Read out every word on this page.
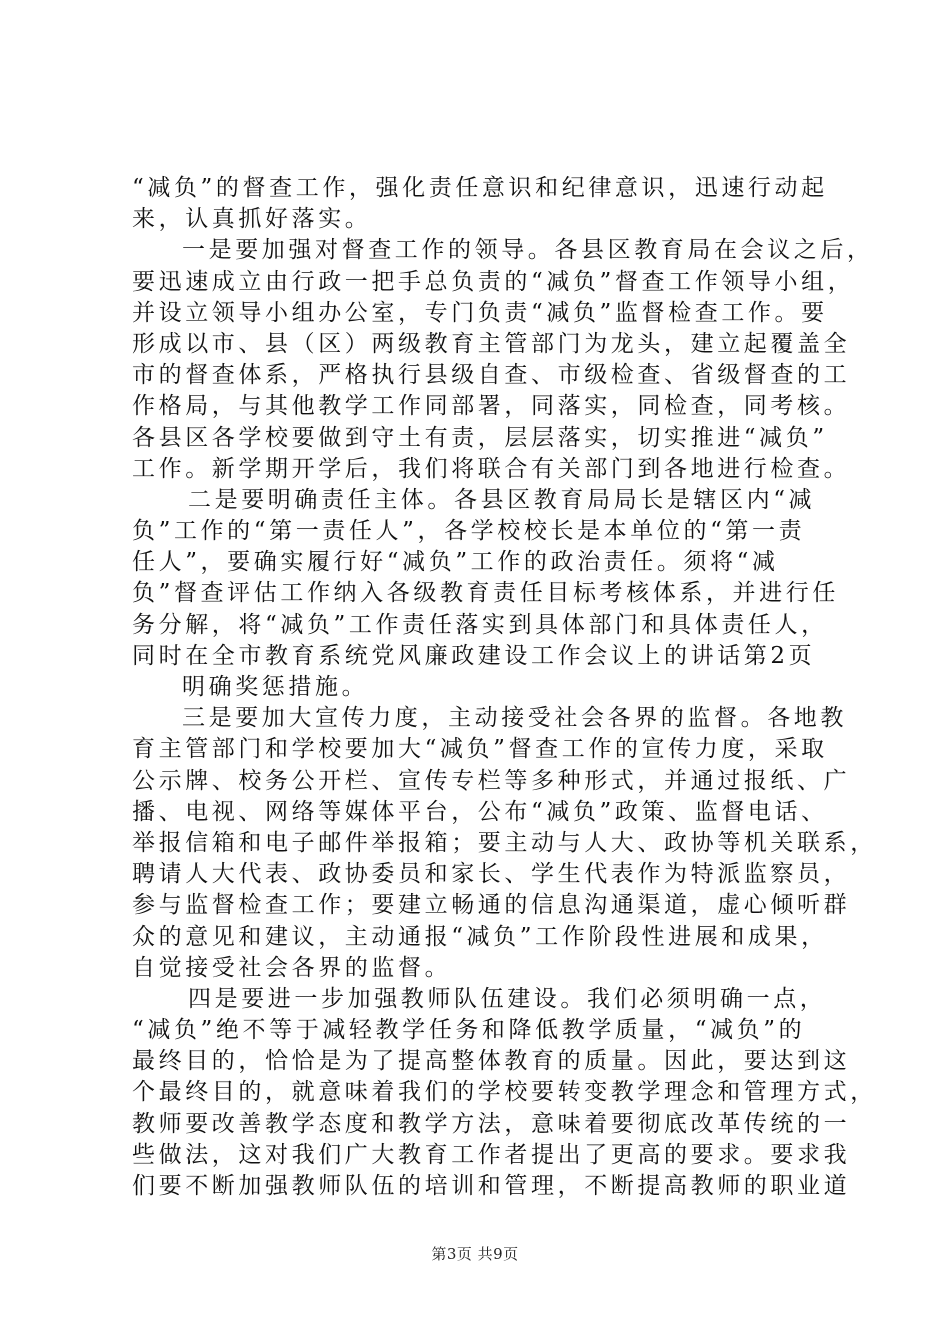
“减负”的督查工作，强化责任意识和纪律意识，迅速行动起
来，认真抓好落实。
一是要加强对督查工作的领导。各县区教育局在会议之后，
要迅速成立由行政一把手总负责的“减负”督查工作领导小组，
并设立领导小组办公室，专门负责“减负”监督检查工作。要
形成以市、县（区）两级教育主管部门为龙头，建立起覆盖全
市的督查体系，严格执行县级自查、市级检查、省级督查的工
作格局，与其他教学工作同部署，同落实，同检查，同考核。
各县区各学校要做到守土有责，层层落实，切实推进“减负”
工作。新学期开学后，我们将联合有关部门到各地进行检查。
二是要明确责任主体。各县区教育局局长是辖区内“减
负”工作的“第一责任人”，各学校校长是本单位的“第一责
任人”，要确实履行好“减负”工作的政治责任。须将“减
负”督查评估工作纳入各级教育责任目标考核体系，并进行任
务分解，将“减负”工作责任落实到具体部门和具体责任人，
同时在全市教育系统党风廉政建设工作会议上的讲话第2页
明确奖惩措施。
三是要加大宣传力度，主动接受社会各界的监督。各地教
育主管部门和学校要加大“减负”督查工作的宣传力度，采取
公示牌、校务公开栏、宣传专栏等多种形式，并通过报纸、广
播、电视、网络等媒体平台，公布“减负”政策、监督电话、
举报信箱和电子邮件举报箱；要主动与人大、政协等机关联系，
聘请人大代表、政协委员和家长、学生代表作为特派监察员，
参与监督检查工作；要建立畅通的信息沟通渠道，虚心倾听群
众的意见和建议，主动通报“减负”工作阶段性进展和成果，
自觉接受社会各界的监督。
四是要进一步加强教师队伍建设。我们必须明确一点，
“减负”绝不等于减轻教学任务和降低教学质量，“减负”的
最终目的，恰恰是为了提高整体教育的质量。因此，要达到这
个最终目的，就意味着我们的学校要转变教学理念和管理方式，
教师要改善教学态度和教学方法，意味着要彻底改革传统的一
些做法，这对我们广大教育工作者提出了更高的要求。要求我
们要不断加强教师队伍的培训和管理，不断提高教师的职业道
第3页 共9页
